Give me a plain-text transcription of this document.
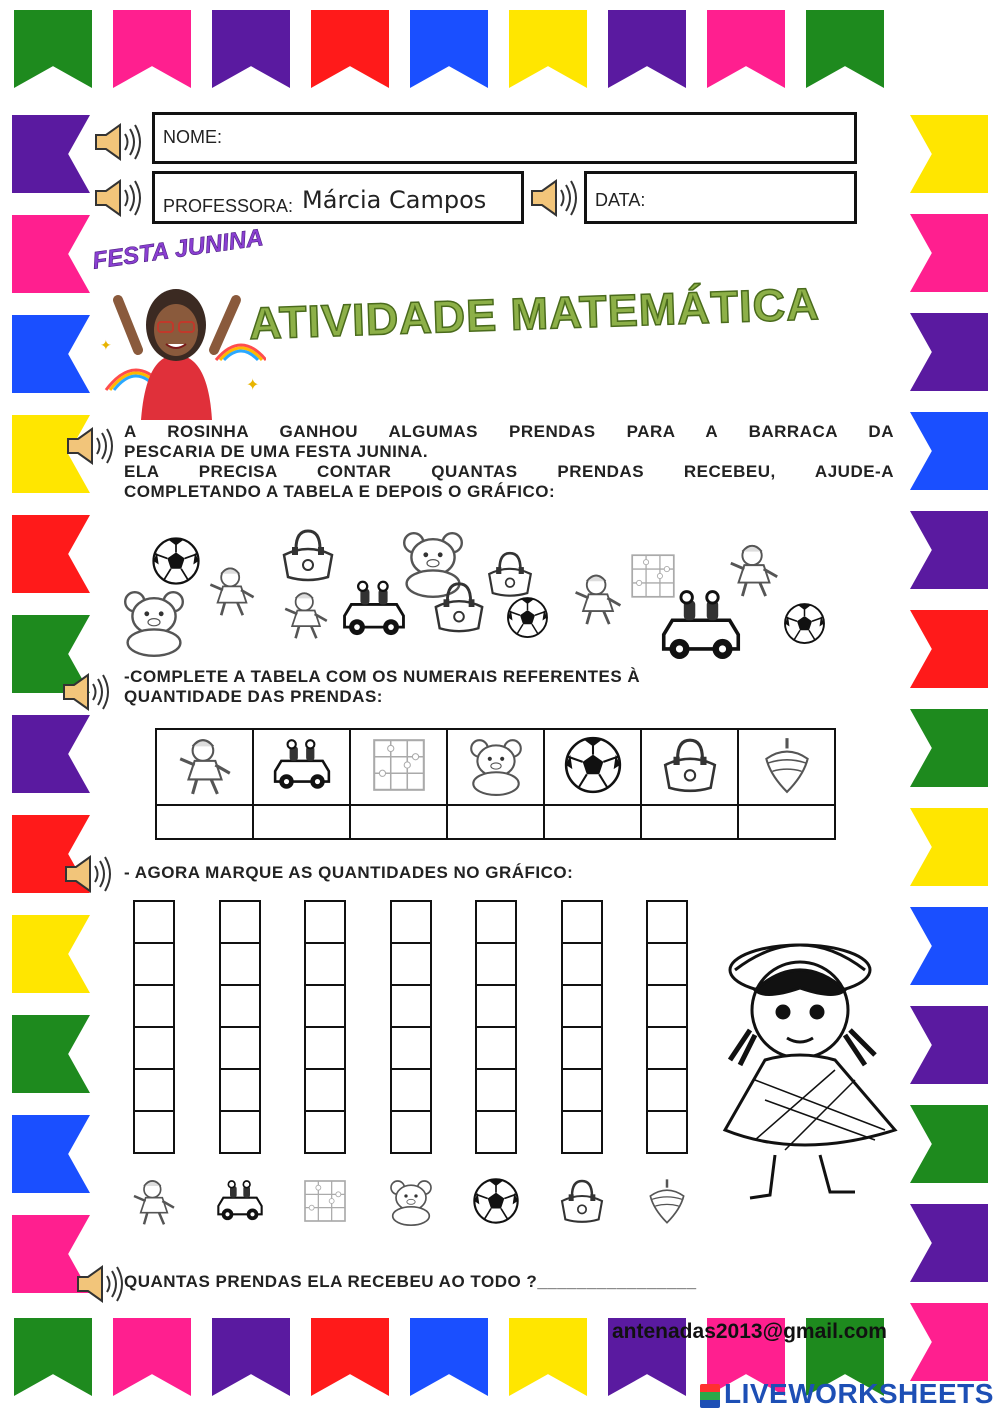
NOME:
PROFESSORA: Márcia Campos	DATA:
FESTA JUNINA
✦
✦	ATIVIDADE MATEMÁTICA
A ROSINHA GANHOU ALGUMAS PRENDAS PARA A BARRACA DA
PESCARIA DE UMA FESTA JUNINA.
ELA PRECISA CONTAR QUANTAS PRENDAS RECEBEU, AJUDE-A
COMPLETANDO A TABELA E DEPOIS O GRÁFICO:
-COMPLETE A TABELA COM OS NUMERAIS REFERENTES À
QUANTIDADE DAS PRENDAS:

- AGORA MARQUE AS QUANTIDADES NO GRÁFICO:
QUANTAS PRENDAS ELA RECEBEU AO TODO ?________________
antenadas2013@gmail.com
LIVEWORKSHEETS
